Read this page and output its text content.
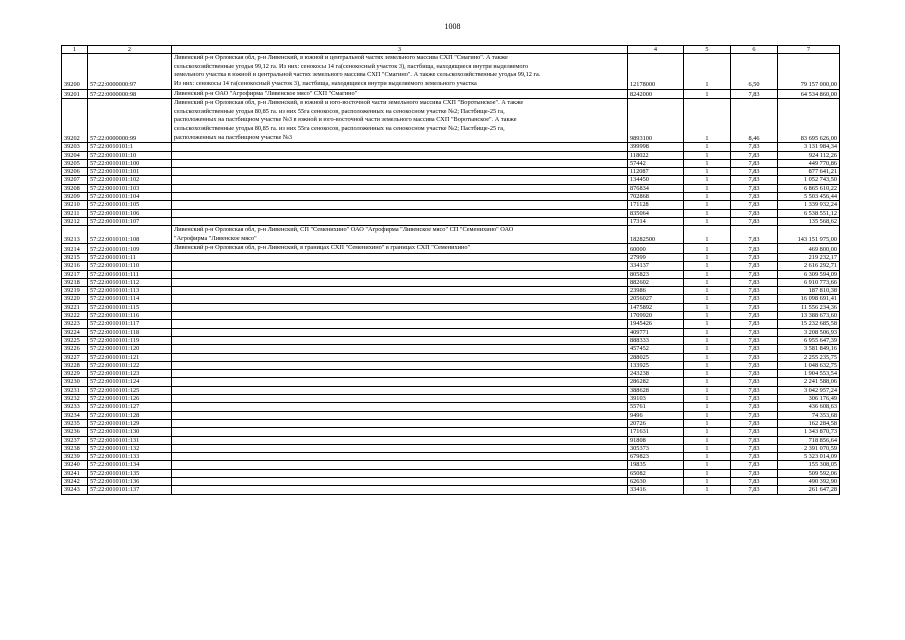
1008
1	2	3	4	5	6	7
39200	57:22:0000000:97	Ливенский р-н Орловская обл, р-н Ливенский, в южной и центральной частях земельного массива СХП "Смагино". А также

сельскохозяйственные угодья 99,12 га. Из них: сенокосы 14 га(сенокосный участок 3), пастбища, находящиеся внутри выделяемого

земельного участка в южной и центральной частях земельного массива СХП "Смагино". А также сельскохозяйственные угодья 99,12 га.

Из них: сенокосы 14 га(сенокосный участок 3), пастбища, находящиеся внутри выделяемого земельного участка	12178000	1	6,50	79 157 000,00
39201	57:22:0000000:98	Ливенский р-н ОАО "Агрофирма "Ливенское мясо" СХП "Смагино"	8242000	1	7,83	64 534 860,00
39202	57:22:0000000:99	Ливенский р-н Орловская обл, р-н Ливенский, в южной и юго-восточной части земельного массива СХП "Воротынское". А также

сельскохозяйственные угодья 80,85 га. из них 55га сенокосов, расположенных на сенокосном участке №2; Пастбище-25 га,

расположенных на пастбищном участке №3 в южной и юго-восточной части земельного массива СХП "Воротынское". А также

сельскохозяйственные угодья 80,85 га. из них 55га сенокосов, расположенных на сенокосном участке №2; Пастбище-25 га,

расположенных на пастбищном участке №3	9893100	1	8,46	83 695 626,00
39203	57:22:0010101:1		399998	1	7,83	3 131 984,34
39204	57:22:0010101:10		118022	1	7,83	924 112,26
39205	57:22:0010101:100		57442	1	7,83	449 770,86
39206	57:22:0010101:101		112087	1	7,83	877 641,21
39207	57:22:0010101:102		134450	1	7,83	1 052 743,50
39208	57:22:0010101:103		876834	1	7,83	6 865 610,22
39209	57:22:0010101:104		702868	1	7,83	5 503 456,44
39210	57:22:0010101:105		171128	1	7,83	1 339 932,24
39211	57:22:0010101:106		835064	1	7,83	6 538 551,12
39212	57:22:0010101:107		17314	1	7,83	135 568,62
39213	57:22:0010101:108	Ливенский р-н Орловская обл, р-н Ливенский, СП "Семенихино" ОАО "Агрофирма "Ливенское мясо" СП "Семенихино" ОАО

"Агрофирма "Ливенское мясо"	18282500	1	7,83	143 151 975,00
39214	57:22:0010101:109	Ливенский р-н Орловская обл, р-н Ливенский, в границах СХП "Семенихино" в границах СХП "Семенихино"	60000	1	7,83	469 800,00
39215	57:22:0010101:11		27999	1	7,83	219 232,17
39216	57:22:0010101:110		334137	1	7,83	2 616 292,71
39217	57:22:0010101:111		805823	1	7,83	6 309 594,09
39218	57:22:0010101:112		882602	1	7,83	6 910 773,66
39219	57:22:0010101:113		23986	1	7,83	187 810,38
39220	57:22:0010101:114		2056027	1	7,83	16 098 691,41
39221	57:22:0010101:115		1475892	1	7,83	11 556 234,36
39222	57:22:0010101:116		1709920	1	7,83	13 388 673,60
39223	57:22:0010101:117		1945426	1	7,83	15 232 685,58
39224	57:22:0010101:118		409771	1	7,83	3 208 506,93
39225	57:22:0010101:119		888333	1	7,83	6 955 647,39
39226	57:22:0010101:120		457452	1	7,83	3 581 849,16
39227	57:22:0010101:121		288025	1	7,83	2 255 235,75
39228	57:22:0010101:122		133925	1	7,83	1 048 632,75
39229	57:22:0010101:123		243238	1	7,83	1 904 553,54
39230	57:22:0010101:124		286282	1	7,83	2 241 588,06
39231	57:22:0010101:125		388628	1	7,83	3 042 957,24
39232	57:22:0010101:126		39103	1	7,83	306 176,49
39233	57:22:0010101:127		55761	1	7,83	436 608,63
39234	57:22:0010101:128		9496	1	7,83	74 353,68
39235	57:22:0010101:129		20726	1	7,83	162 284,58
39236	57:22:0010101:130		171631	1	7,83	1 343 870,73
39237	57:22:0010101:131		91808	1	7,83	718 856,64
39238	57:22:0010101:132		305373	1	7,83	2 391 070,59
39239	57:22:0010101:133		679823	1	7,83	5 323 014,09
39240	57:22:0010101:134		19835	1	7,83	155 308,05
39241	57:22:0010101:135		65082	1	7,83	509 592,06
39242	57:22:0010101:136		62630	1	7,83	490 392,90
39243	57:22:0010101:137		33416	1	7,83	261 647,28
